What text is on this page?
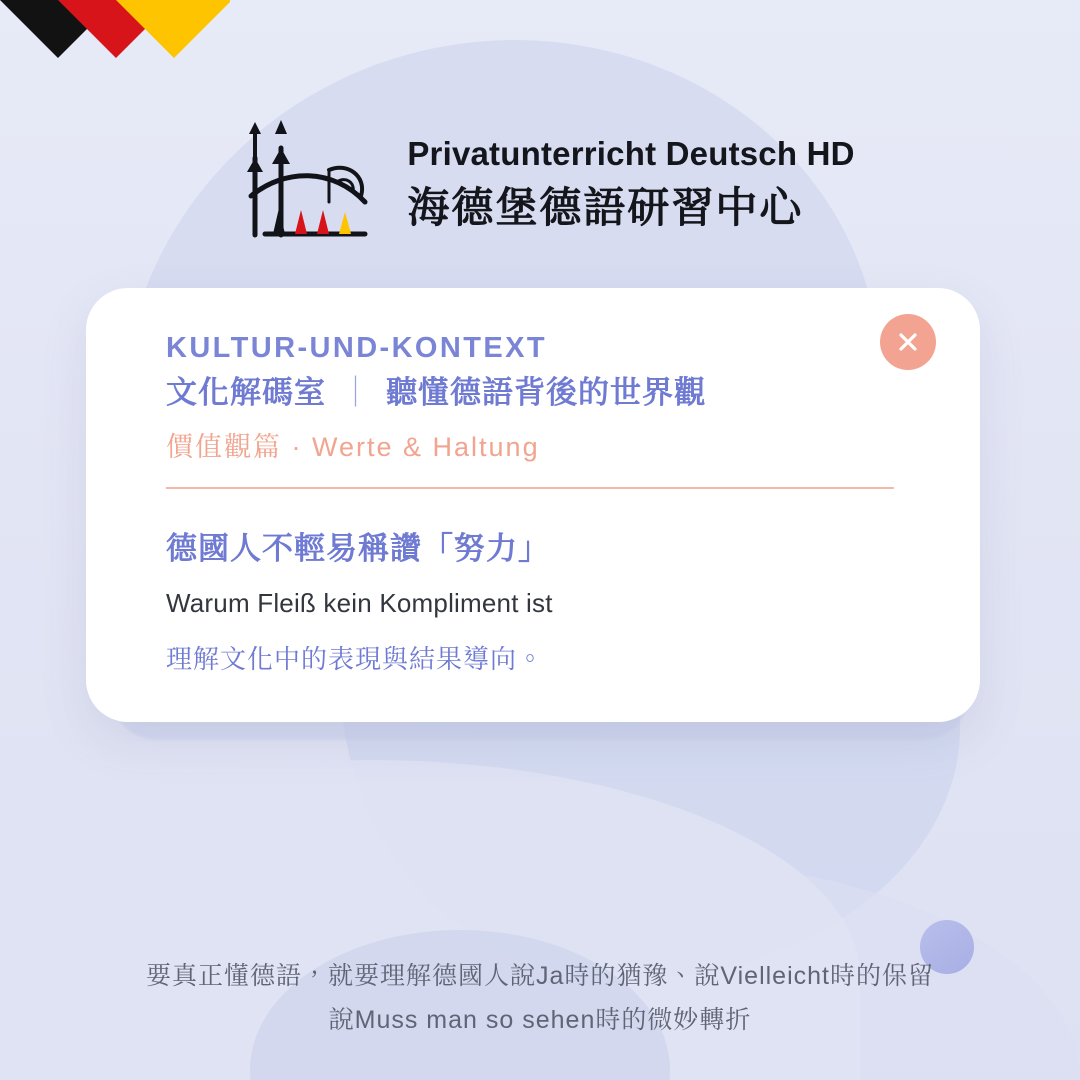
Privatunterricht Deutsch HD
海德堡德語研習中心
KULTUR-UND-KONTEXT
文化解碼室 ｜ 聽懂德語背後的世界觀
價值觀篇 · Werte & Haltung
德國人不輕易稱讚「努力」
Warum Fleiß kein Kompliment ist
理解文化中的表現與結果導向。
要真正懂德語，就要理解德國人說Ja時的猶豫、說Vielleicht時的保留
說Muss man so sehen時的微妙轉折
